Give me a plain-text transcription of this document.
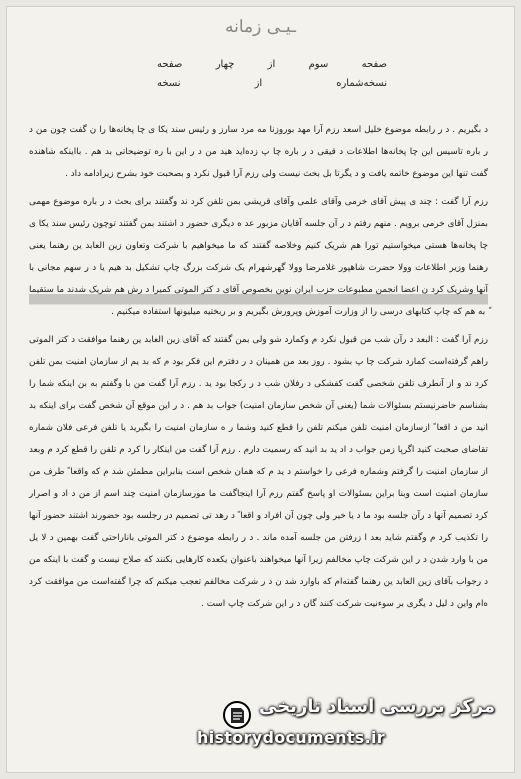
ـیـی زمانه
صفحه
سوم
از
چهار
صفحه
نسخه‌شماره
از
نسخه

د بگیریم . د ر رابطه موضوع خلیل اسعد رزم آرا مهد بوروزنا مه مرد سارز و رئیس سند یکا ی چا پخانه‌ها را ن گفت چون من د ر باره تاسیس این چا پخانه‌ها اطلاعات د قیقی د ر باره چا پ زده‌اید هید من د ر این با ره توضیحاتی بد هم . بااینکه شاهنده گفت تنها این موضوع خاتمه یافت و د یگرتا بل بحث نیست ولی رزم آرا قبول نکرد و بصحبت خود بشرح زیرادامه داد .

رزم آرا گفت : چند ی پیش آقای خرمی وآقای علمی وآقای قریشی بمن تلفن کرد ند وگفتند برای بحث د ر باره موضوع مهمی بمنزل آقای خرمی برویم . منهم رفتم د ر آن جلسه آقایان مزبور عد ه دیگری حضور د اشتند بمن گفتند توچون رئیس سند یکا ی چا پخانه‌ها هستی میخواستیم تورا هم شریک کنیم وخلاصه گفتند که ما میخواهیم با شرکت وتعاون زین العابد ین رهنما یعنی رهنما وزیر اطلاعات وولا حضرت شاهپور غلامرضا وولا گهرشهرام یک شرکت بزرگ چاپ تشکیل بد هیم یا د ر سهم مجانی با آنها وشریک کرد ن اعضا انجمن مطبوعات حزب ایران نوین بخصوص آقای د کتر الموتی کمیرا د رش هم شریک شدند ما ستقیما ً به هم که چاپ کتابهای درسی را از وزارت آموزش وپرورش بگیریم و بر ربختیه میلیونها استفاده میکنیم .

رزم آرا گفت : البعد د رآن شب من قبول نکرد م وکمارد شو ولی بمن گفتند که آقای زین العابد ین رهنما موافقت د کتر الموتی راهم گرفته‌است کمارد شرکت چا پ بشود . روز بعد من همینان د ر دفترم این فکر بود م که بد یم از سازمان امنیت بمن تلفن کرد ند و از آنطرف تلفن شخصی گفت کفشکی د رفلان شب د ر رکجا بود ید . رزم آرا گفت من با وگفتم به بن اینکه شما را بشناسم حاضرنیستم بسئوالات شما (یعنی آن شخص سازمان امنیت) جواب بد هم . د ر این موقع آن شخص گفت برای اینکه بد انید من د اقعا ً ازسازمان امنیت تلفن میکنم تلفن را قطع کنید وشما ر ه سازمان امنیت را بگیرید یا تلفن فرعی فلان شماره تقاضای صحبت کنید اگرپا زمن جواب د اد ید بد انید که رسمیت دارم . رزم آرا گفت من اینکار را کرد م تلفن را قطع کرد م وبعد از سازمان امنیت را گرفتم وشماره فرعی را خواستم د ید م که همان شخص است بنابراین مطمئن شد م که واقعا ً طرف من سازمان امنیت است وبنا براین بسئوالات او پاسخ گفتم رزم آرا اینجاگفت ما مورسازمان امنیت چند اسم از من د اد و اصرار کرد تصمیم آنها د رآن جلسه بود ما د یا خیر ولی چون آن افراد و اقعا ً د رهد تی تصمیم در رجلسه بود حضورند اشتند حضور آنها را تکذیب کرد م وگفتم شاید بعد ا زرفتن من جلسه آمده ماند . د ر رابطه موضوع د کتر الموتی باناراحتی گفت بهمین د لا یل من با وارد شدن د ر این شرکت چاپ مخالفم زیرا آنها میخواهند باعنوان یکعده کارهایی بکنند که صلاح نیست و گفت با اینکه من د رجواب بآقای زین العابد ین رهنما گفته‌ام که باوارد شد ن د ر شرکت مخالفم تعجب میکنم که چرا گفته‌است من موافقت کرد ه‌ام واین د لیل د یگری بر سوءنیت شرکت کنند گان د ر این شرکت چاپ است .

مرکز بررسی اسناد تاریخی
historydocuments.ir
